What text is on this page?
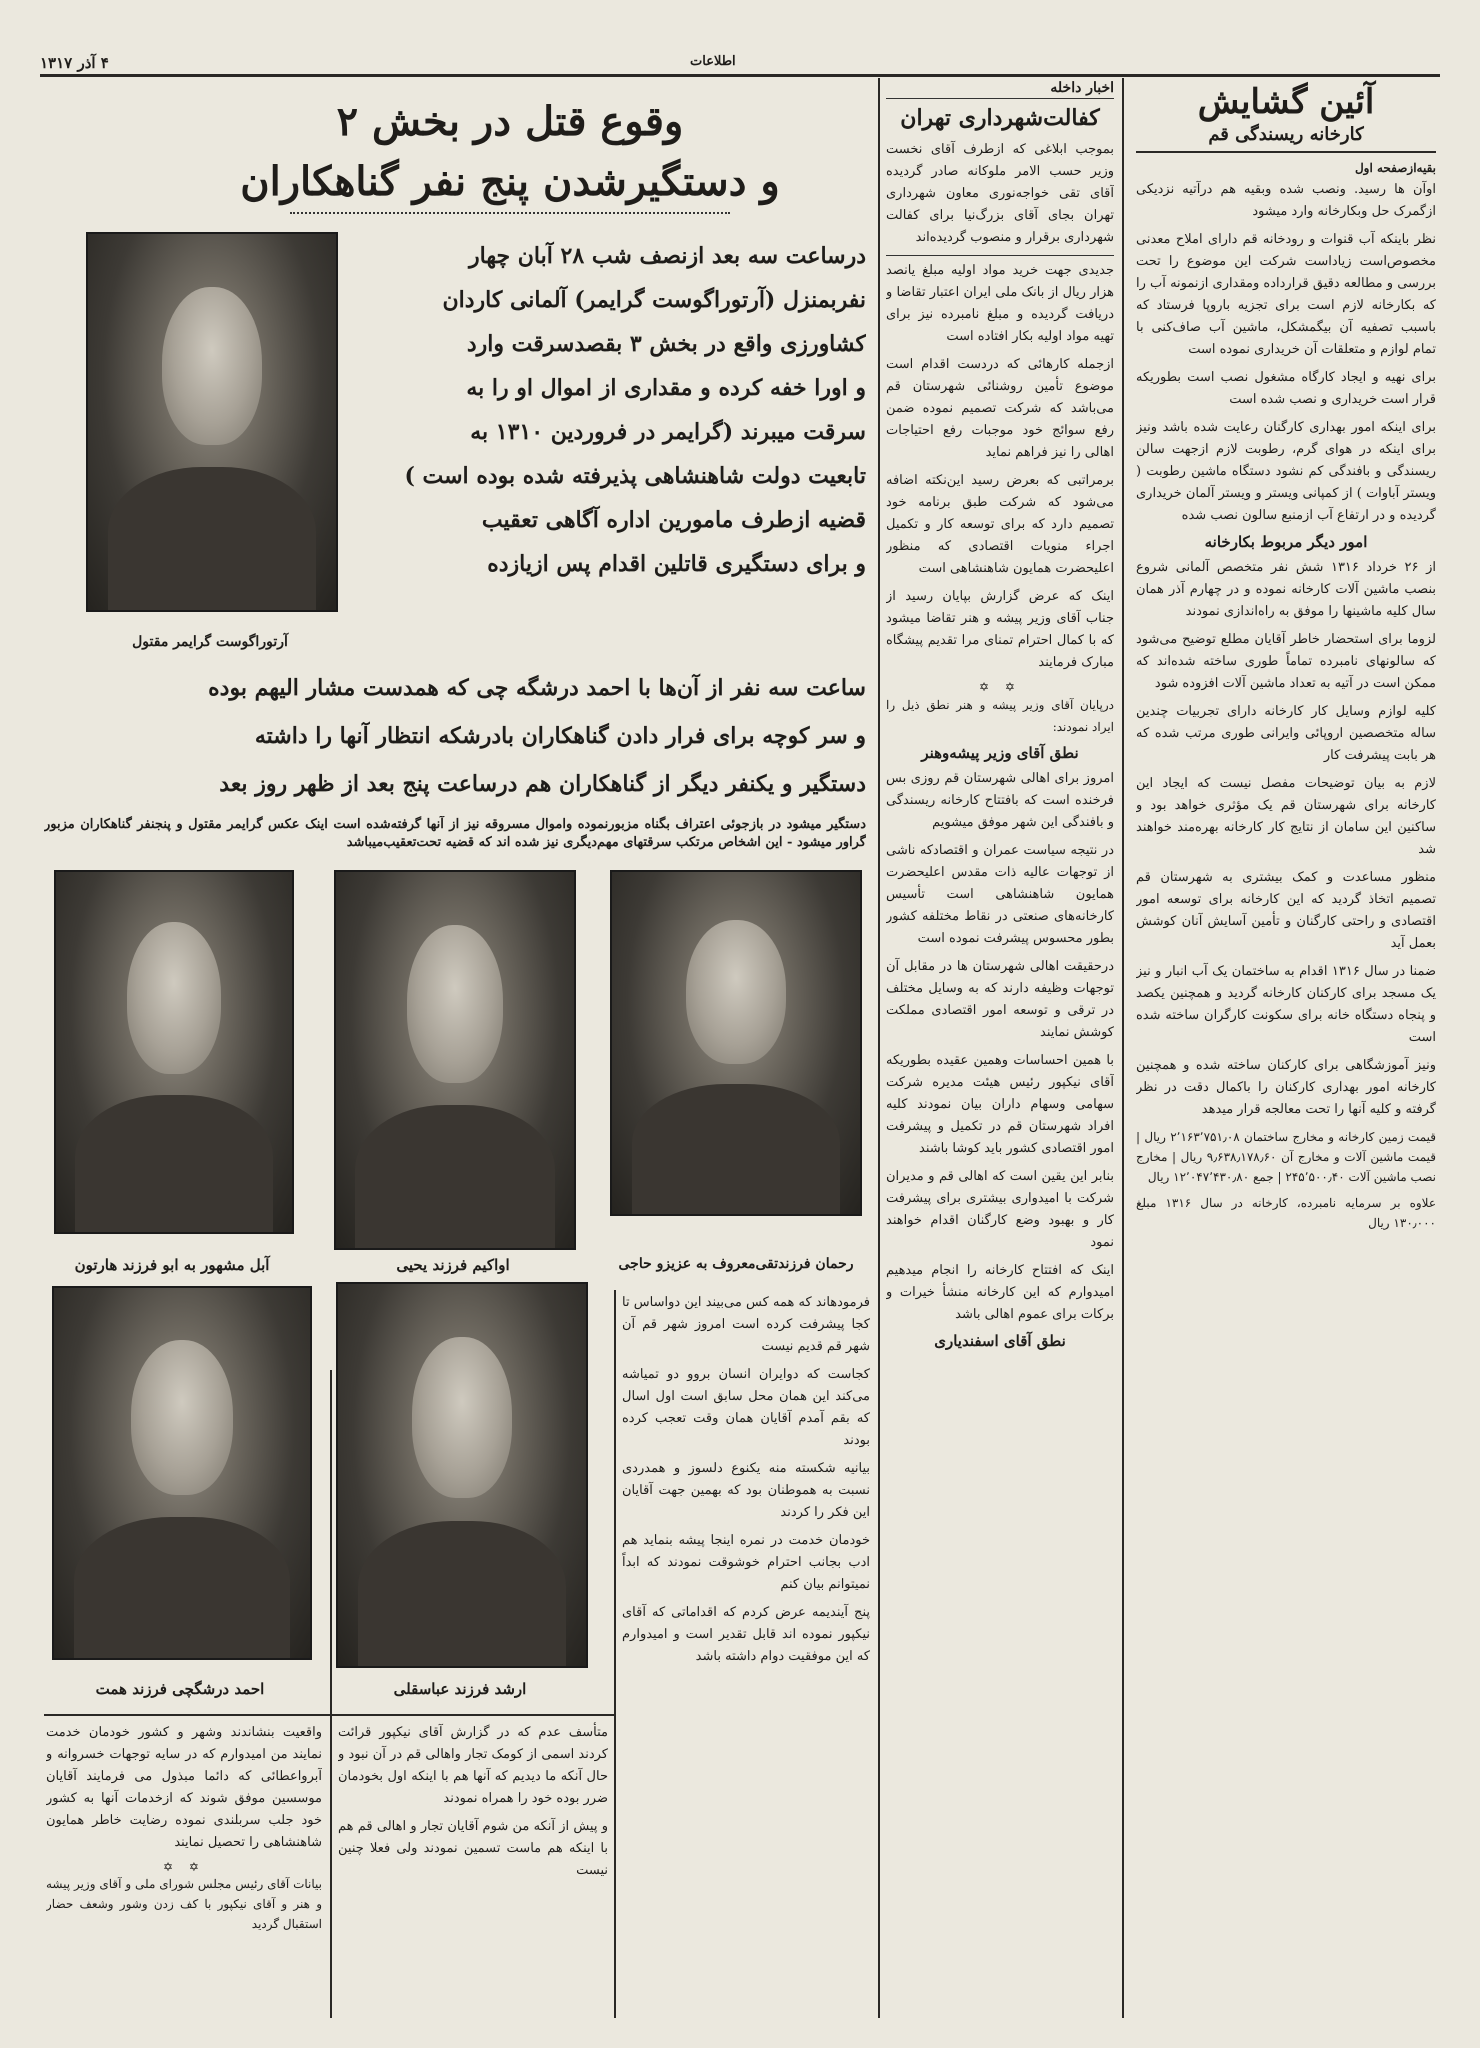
۴ آذر ۱۳۱۷	اطلاعات
آئین گشایش
کارخانه ریسندگی قم
بقیه‌ازصفحه اول

اوآن ها رسید. ونصب شده وبقیه هم درآتیه نزدیکی ازگمرک حل وبکارخانه وارد میشود

نظر باینکه آب قنوات و رودخانه قم دارای املاح معدنی مخصوص‌است زیاداست شرکت این موضوع را تحت بررسی و مطالعه دقیق قرارداده ومقداری ازنمونه آب را که بکارخانه لازم است برای تجزیه باروپا فرستاد که باسبب تصفیه آن بیگمشکل، ماشین آب صاف‌کنی با تمام لوازم و متعلقات آن خریداری نموده است

برای نهیه و ایجاد کارگاه مشغول نصب است بطوریکه قرار است خریداری و نصب شده است

برای اینکه امور بهداری کارگنان رعایت شده باشد ونیز برای اینکه در هوای گرم، رطوبت لازم ازجهت سالن ریسندگی و بافندگی کم نشود دستگاه ماشین رطوبت ( ویستر آباوات ) از کمپانی ویستر و ویستر آلمان خریداری گردیده و در ارتفاع آب ازمنبع سالون نصب شده

امور دیگر مربوط بکارخانه

از ۲۶ خرداد ۱۳۱۶ شش نفر متخصص آلمانی شروع بنصب ماشین آلات کارخانه نموده و در چهارم آذر همان سال کلیه ماشینها را موفق به راه‌اندازی نمودند

لزوما برای استحضار خاطر آقایان مطلع توضیح می‌شود که سالونهای نامبرده تماماً طوری ساخته شده‌اند که ممکن است در آتیه به تعداد ماشین آلات افزوده شود

کلیه لوازم وسایل کار کارخانه دارای تجربیات چندین ساله متخصصین اروپائی وایرانی طوری مرتب شده که هر بابت پیشرفت کار

لازم به بیان توضیحات مفصل نیست که ایجاد این کارخانه برای شهرستان قم یک مؤثری خواهد بود و ساکنین این سامان از نتایج کار کارخانه بهره‌مند خواهند شد

منظور مساعدت و کمک بیشتری به شهرستان قم تصمیم اتخاذ گردید که این کارخانه برای توسعه امور اقتصادی و راحتی کارگنان و تأمین آسایش آنان کوشش بعمل آید

ضمنا در سال ۱۳۱۶ اقدام به ساختمان یک آب انبار و نیز یک مسجد برای کارکنان کارخانه گردید و همچنین یکصد و پنجاه دستگاه خانه برای سکونت کارگران ساخته شده است

ونیز آموزشگاهی برای کارکنان ساخته شده و همچنین کارخانه امور بهداری کارکنان را باکمال دقت در نظر گرفته و کلیه آنها را تحت معالجه قرار میدهد

قیمت زمین کارخانه و مخارج ساختمان ۲٬۱۶۳٬۷۵۱٫۰۸ ریال | قیمت ماشین آلات و مخارج آن ۹٫۶۳۸٫۱۷۸٫۶۰ ریال | مخارج نصب ماشین آلات ۲۴۵٬۵۰۰٫۴۰ | جمع ۱۲٬۰۴۷٬۴۳۰٫۸۰ ریال

علاوه بر سرمایه نامبرده، کارخانه در سال ۱۳۱۶ مبلغ ۱۳۰٫۰۰۰ ریال

اخبار داخله
کفالت‌شهرداری تهران

بموجب ابلاغی که ازطرف آقای نخست وزیر حسب الامر ملوکانه صادر گردیده آقای تقی خواجه‌نوری معاون شهرداری تهران بجای آقای بزرگ‌نیا برای کفالت شهرداری برقرار و منصوب گردیده‌اند

جدیدی جهت خرید مواد اولیه مبلغ یانصد هزار ریال از بانک ملی ایران اعتبار تقاضا و دریافت گردیده و مبلغ نامبرده نیز برای تهیه مواد اولیه بکار افتاده است

ازجمله کارهائی که دردست اقدام است موضوع تأمین روشنائی شهرستان قم می‌باشد که شرکت تصمیم نموده ضمن رفع سوائج خود موجبات رفع احتیاجات اهالی را نیز فراهم نماید

برمراتبی که بعرض رسید این‌نکته اضافه می‌شود که شرکت طبق برنامه خود تصمیم دارد که برای توسعه کار و تکمیل اجراء منویات اقتصادی که منظور اعلیحضرت همایون شاهنشاهی است

اینک که عرض گزارش بپایان رسید از جناب آقای وزیر پیشه و هنر تقاضا میشود که با کمال احترام تمنای مرا تقدیم پیشگاه مبارک فرمایند

✡ ✡

درپایان آقای وزیر پیشه و هنر نطق ذیل را ایراد نمودند:

نطق آقای وزیر پیشه‌وهنر

امروز برای اهالی شهرستان قم روزی بس فرخنده است که بافتتاح کارخانه ریسندگی و بافندگی این شهر موفق میشویم

در نتیجه سیاست عمران و اقتصادکه ناشی از توجهات عالیه ذات مقدس اعلیحضرت همایون شاهنشاهی است تأسیس کارخانه‌های صنعتی در نقاط مختلفه کشور بطور محسوس پیشرفت نموده است

درحقیقت اهالی شهرستان ها در مقابل آن توجهات وظیفه دارند که به وسایل مختلف در ترقی و توسعه امور اقتصادی مملکت کوشش نمایند

با همین احساسات وهمین عقیده بطوریکه آقای نیکپور رئیس هیئت مدیره شرکت سهامی وسهام داران بیان نمودند کلیه افراد شهرستان قم در تکمیل و پیشرفت امور اقتصادی کشور باید کوشا باشند

بنابر این یقین است که اهالی قم و مدیران شرکت با امیدواری بیشتری برای پیشرفت کار و بهبود وضع کارگنان اقدام خواهند نمود

اینک که افتتاح کارخانه را انجام میدهیم امیدوارم که این کارخانه منشأ خیرات و برکات برای عموم اهالی باشد

نطق آقای اسفندیاری
وقوع قتل در بخش ۲
و دستگیرشدن پنج نفر گناهکاران
آرتوراگوست گرایمر مقتول
درساعت سه بعد ازنصف شب ۲۸ آبان چهار
نفربمنزل (آرتوراگوست گرایمر) آلمانی کاردان
کشاورزی واقع در بخش ۳ بقصدسرقت وارد
و اورا خفه کرده و مقداری از اموال او را به
سرقت میبرند (گرایمر در فروردین ۱۳۱۰ به
تابعیت دولت شاهنشاهی پذیرفته شده بوده است )
قضیه ازطرف مامورین اداره آگاهی تعقیب
و برای دستگیری قاتلین اقدام پس ازیازده
ساعت سه نفر از آن‌ها با احمد درشگه چی که همدست مشار الیهم بوده
و سر کوچه برای فرار دادن گناهکاران بادرشکه انتظار آنها را داشته
دستگیر و یکنفر دیگر از گناهکاران هم درساعت پنج بعد از ظهر روز بعد
دستگیر میشود در بازجوئی اعتراف بگناه مزبورنموده واموال مسروقه نیز از آنها گرفته‌شده است اینک عکس گرایمر مقتول و پنجنفر گناهکاران مزبور گراور میشود - این اشخاص مرتکب سرقتهای مهم‌دیگری نیز شده اند که قضیه تحت‌تعقیب‌میباشد
رحمان فرزندتقی‌معروف به عزیزو حاجی
اواکیم فرزند یحیی
آبل مشهور به ابو فرزند هارتون
ارشد فرزند عباسقلی
احمد درشگچی فرزند همت

فرمودهاند که همه کس می‌بیند این دواساس تا کجا پیشرفت کرده است امروز شهر قم آن شهر قم قدیم نیست

کجاست که دوایران انسان بروو دو تمیاشه می‌کند این همان محل سابق است اول اسال که بقم آمدم آقایان همان وقت تعجب کرده بودند

بیانیه شکسته منه یکنوع دلسوز و همدردی نسبت به هموطنان بود که بهمین جهت آقایان این فکر را کردند

خودمان خدمت در نمره اینجا پیشه بنماید هم ادب بجانب احترام خوشوقت نمودند که ابداً نمیتوانم بیان کنم

پنج آیندیمه عرض کردم که اقداماتی که آقای نیکپور نموده اند قابل تقدیر است و امیدوارم که این موفقیت دوام داشته باشد

متأسف عدم که در گزارش آقای نیکپور قرائت کردند اسمی از کومک تجار واهالی قم در آن نبود و حال آنکه ما دیدیم که آنها هم با اینکه اول بخودمان ضرر بوده خود را همراه نمودند

و پیش از آنکه من شوم آقایان تجار و اهالی قم هم با اینکه هم ماست تسمین نمودند ولی فعلا چنین نیست

واقعیت بنشاندند وشهر و کشور خودمان خدمت نمایند من امیدوارم که در سایه توجهات خسروانه و آبرواعطائی که دائما مبذول می فرمایند آقایان موسسین موفق شوند که ازخدمات آنها به کشور خود جلب سربلندی نموده رضایت خاطر همایون شاهنشاهی را تحصیل نمایند

✡ ✡

بیانات آقای رئیس مجلس شورای ملی و آقای وزیر پیشه و هنر و آقای نیکپور با کف زدن وشور وشعف حضار استقبال گردید
